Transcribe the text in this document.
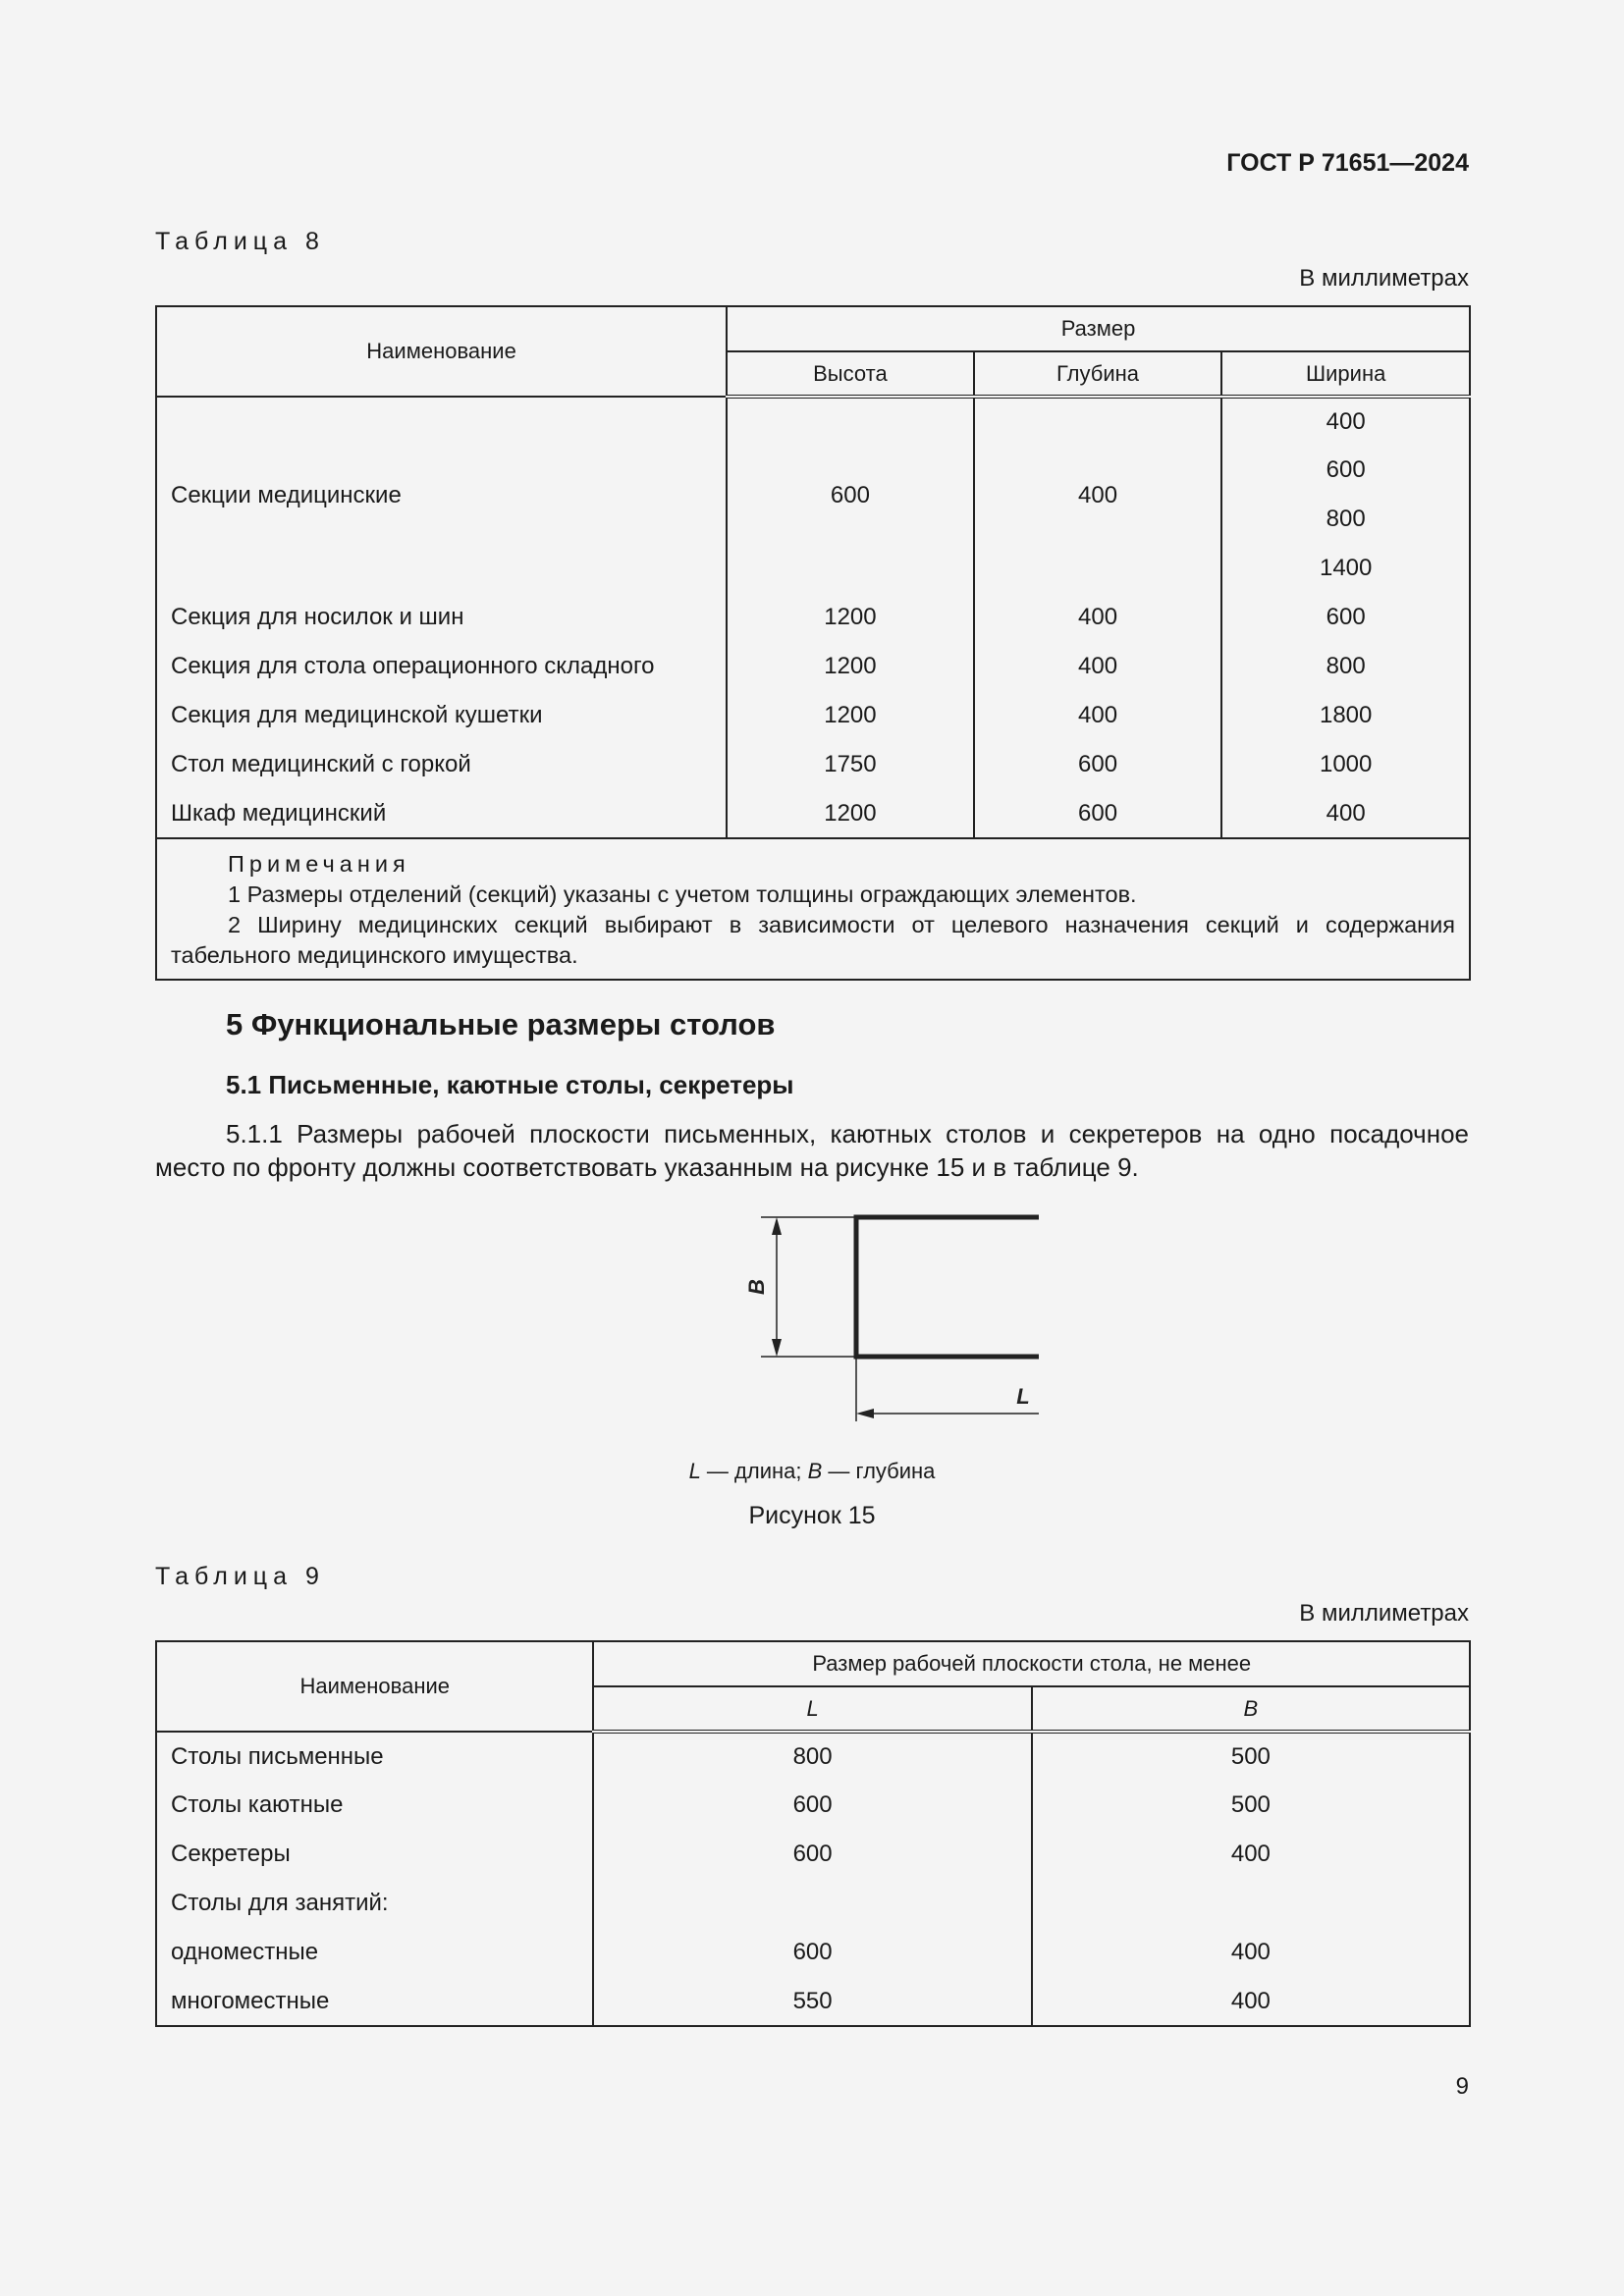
ГОСТ Р 71651—2024
Таблица 8
В миллиметрах
Наименование	Размер		
	Высота	Глубина	Ширина
Секции медицинские	600	400	400
			600
			800
			1400
Секция для носилок и шин	1200	400	600
Секция для стола операционного складного	1200	400	800
Секция для медицинской кушетки	1200	400	1800
Стол медицинский с горкой	1750	600	1000
Шкаф медицинский	1200	600	400
Примечания

1 Размеры отделений (секций) указаны с учетом толщины ограждающих элементов.

2 Ширину медицинских секций выбирают в зависимости от целевого назначения секций и содержания табельного медицинского имущества.

5 Функциональные размеры столов
5.1 Письменные, каютные столы, секретеры

5.1.1 Размеры рабочей плоскости письменных, каютных столов и секретеров на одно посадочное место по фронту должны соответствовать указанным на рисунке 15 и в таблице 9.

B
L
L — длина; B — глубина
Рисунок 15
Таблица 9
В миллиметрах
Наименование	Размер рабочей плоскости стола, не менее	
	L	B
Столы письменные	800	500
Столы каютные	600	500
Секретеры	600	400
Столы для занятий:		
одноместные	600	400
многоместные	550	400
9
